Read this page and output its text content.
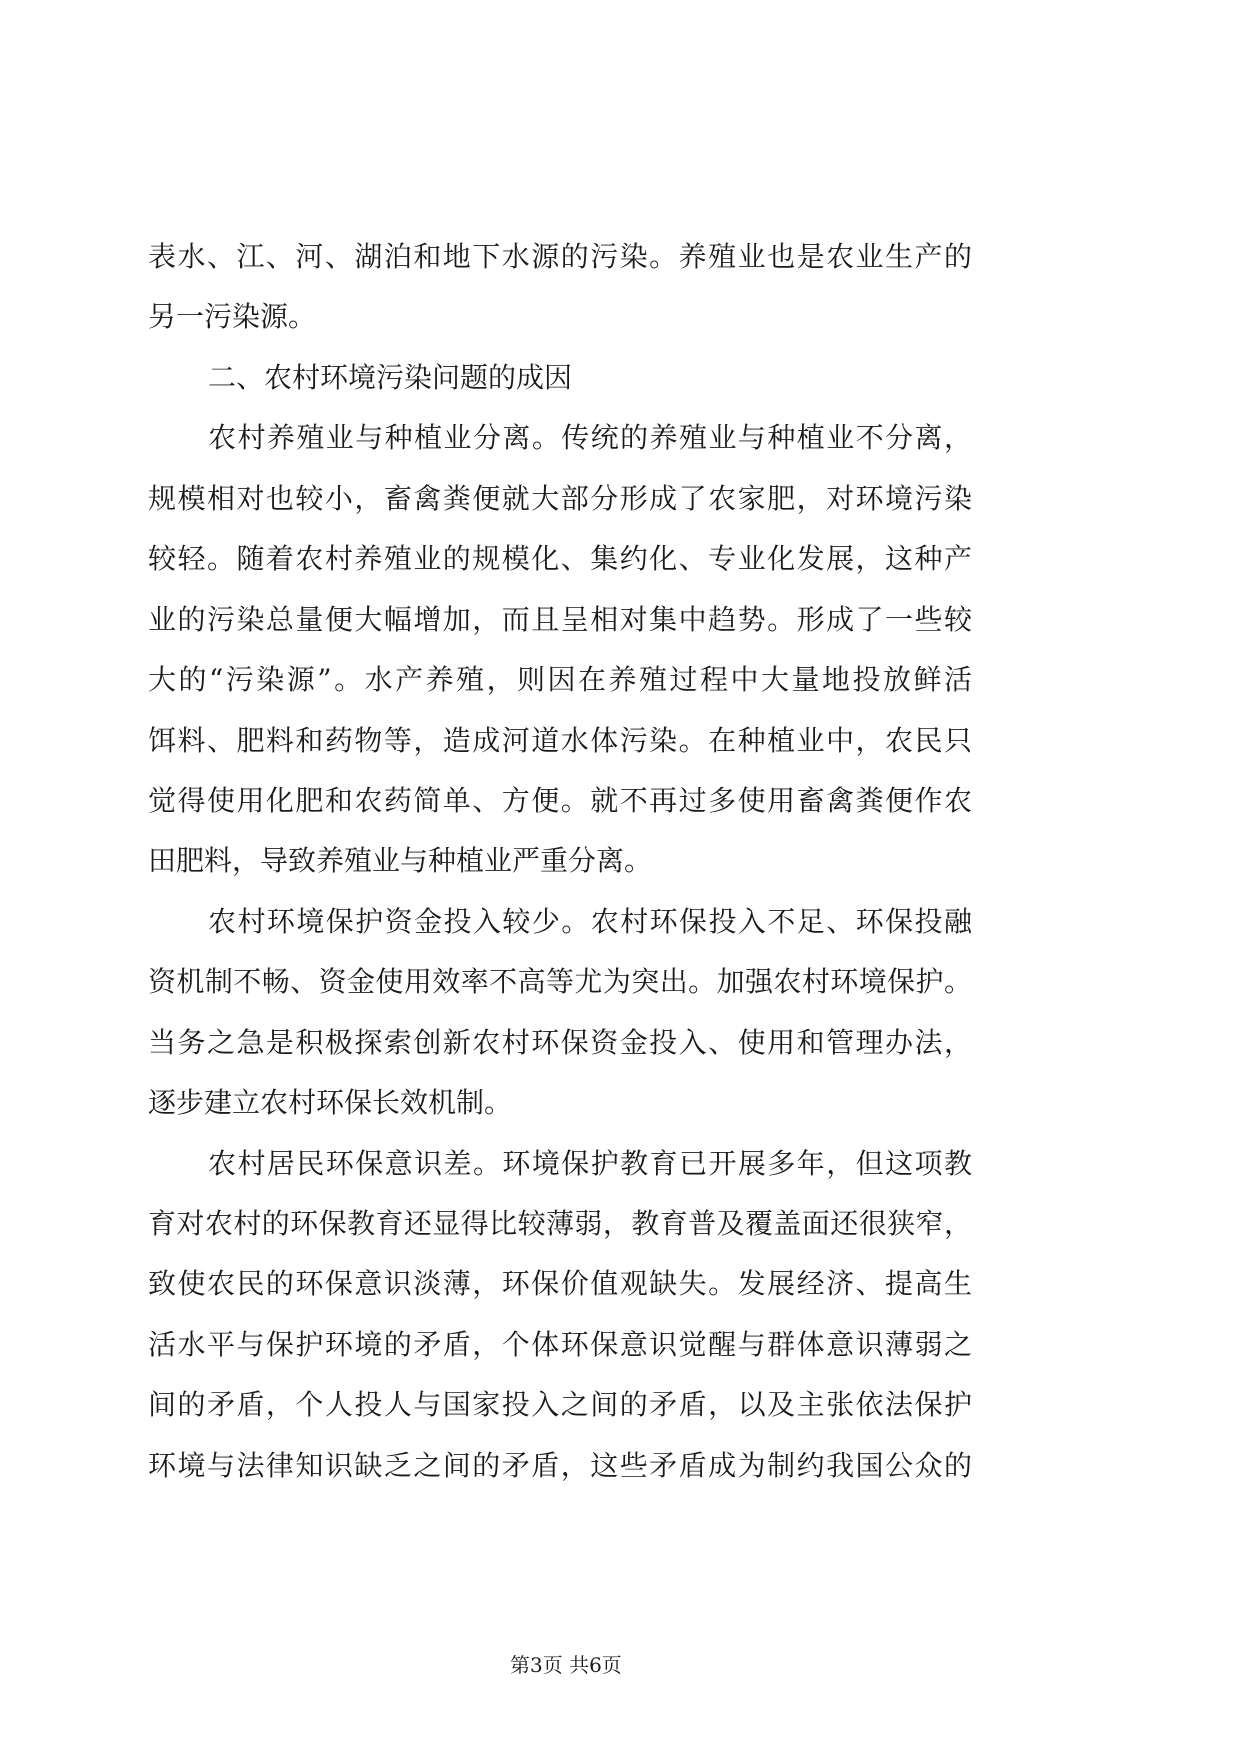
表水、江、河、湖泊和地下水源的污染。养殖业也是农业生产的
另一污染源。
二、农村环境污染问题的成因
农村养殖业与种植业分离。传统的养殖业与种植业不分离，
规模相对也较小，畜禽粪便就大部分形成了农家肥，对环境污染
较轻。随着农村养殖业的规模化、集约化、专业化发展，这种产
业的污染总量便大幅增加，而且呈相对集中趋势。形成了一些较
大的“污染源”。水产养殖，则因在养殖过程中大量地投放鲜活
饵料、肥料和药物等，造成河道水体污染。在种植业中，农民只
觉得使用化肥和农药简单、方便。就不再过多使用畜禽粪便作农
田肥料，导致养殖业与种植业严重分离。
农村环境保护资金投入较少。农村环保投入不足、环保投融
资机制不畅、资金使用效率不高等尤为突出。加强农村环境保护。
当务之急是积极探索创新农村环保资金投入、使用和管理办法，
逐步建立农村环保长效机制。
农村居民环保意识差。环境保护教育已开展多年，但这项教
育对农村的环保教育还显得比较薄弱，教育普及覆盖面还很狭窄，
致使农民的环保意识淡薄，环保价值观缺失。发展经济、提高生
活水平与保护环境的矛盾，个体环保意识觉醒与群体意识薄弱之
间的矛盾，个人投人与国家投入之间的矛盾，以及主张依法保护
环境与法律知识缺乏之间的矛盾，这些矛盾成为制约我国公众的
第3页 共6页
